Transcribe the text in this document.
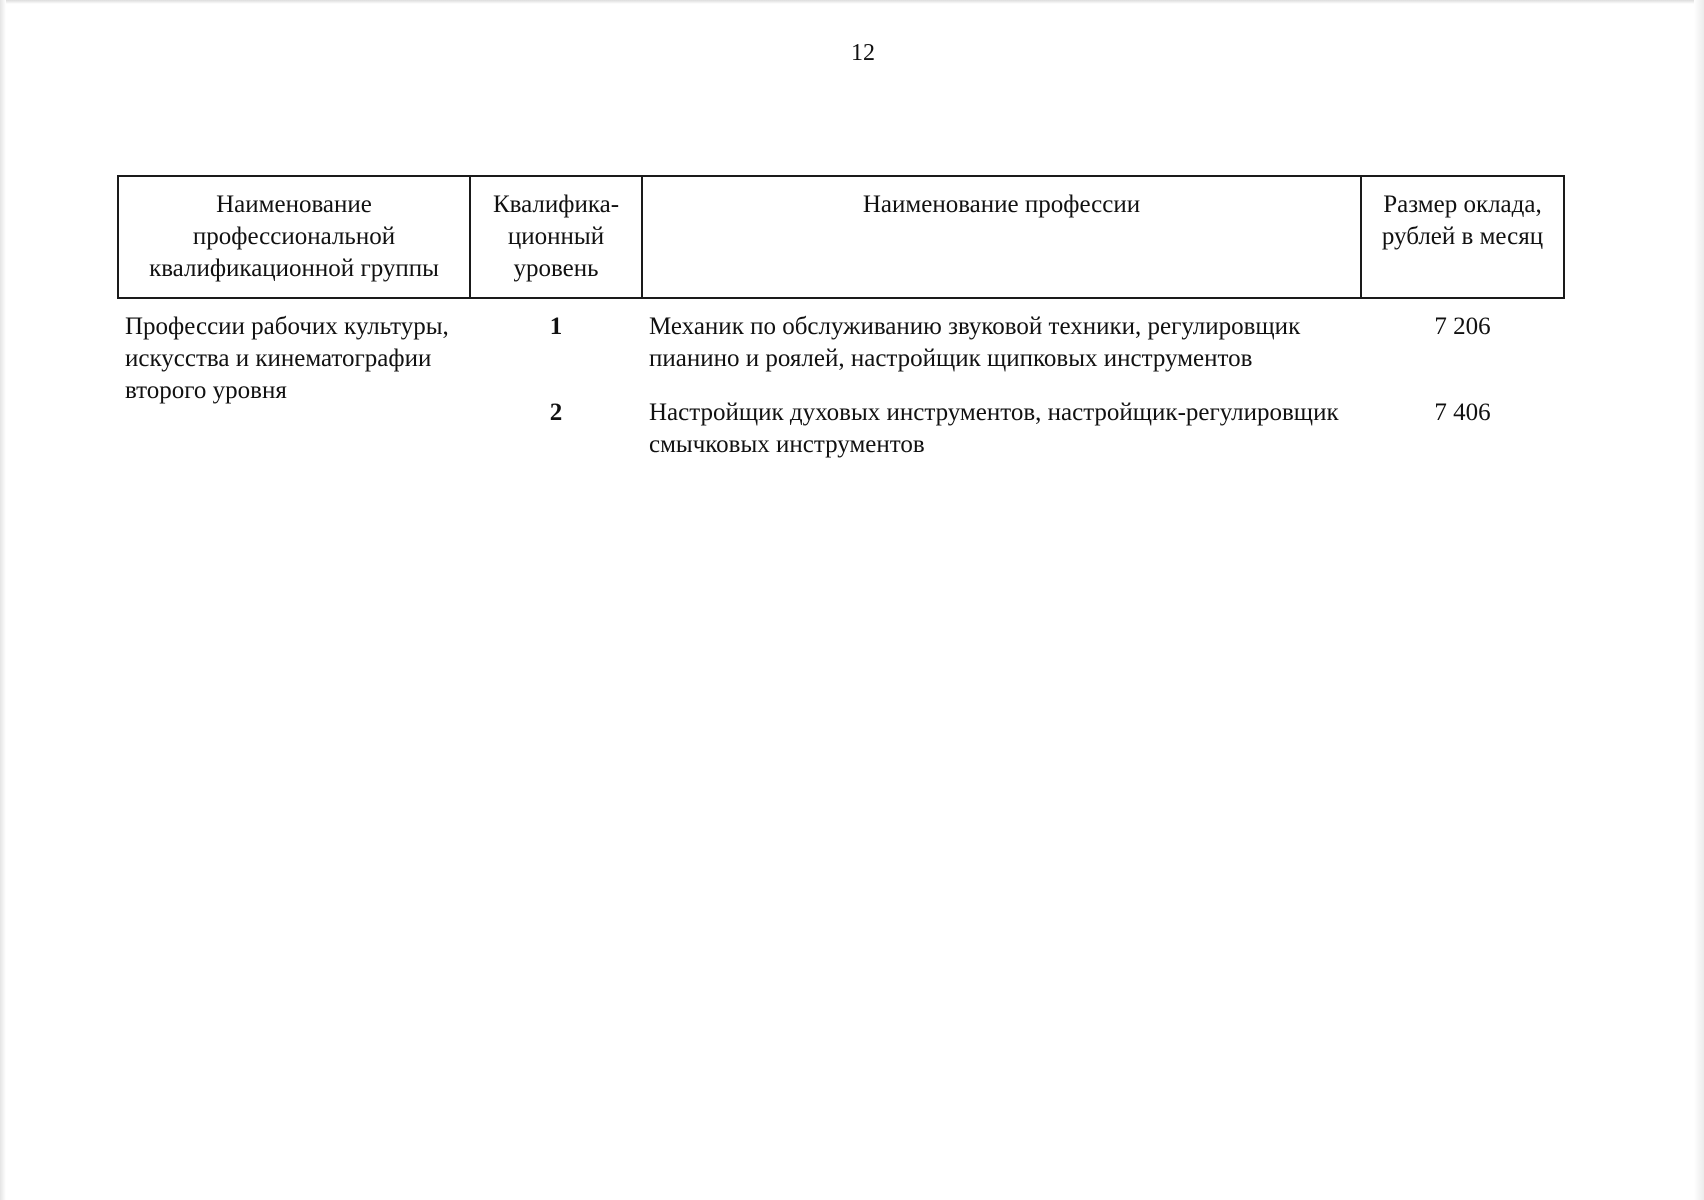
12
Наименование профессиональной квалификационной группы	Квалифика-ционный уровень	Наименование профессии	Размер оклада, рублей в месяц
Профессии рабочих культуры, искусства и кинематографии второго уровня	1	Механик по обслуживанию звуковой техники, регулировщик пианино и роялей, настройщик щипковых инструментов	7 206
	2	Настройщик духовых инструментов, настройщик-регулировщик смычковых инструментов	7 406
